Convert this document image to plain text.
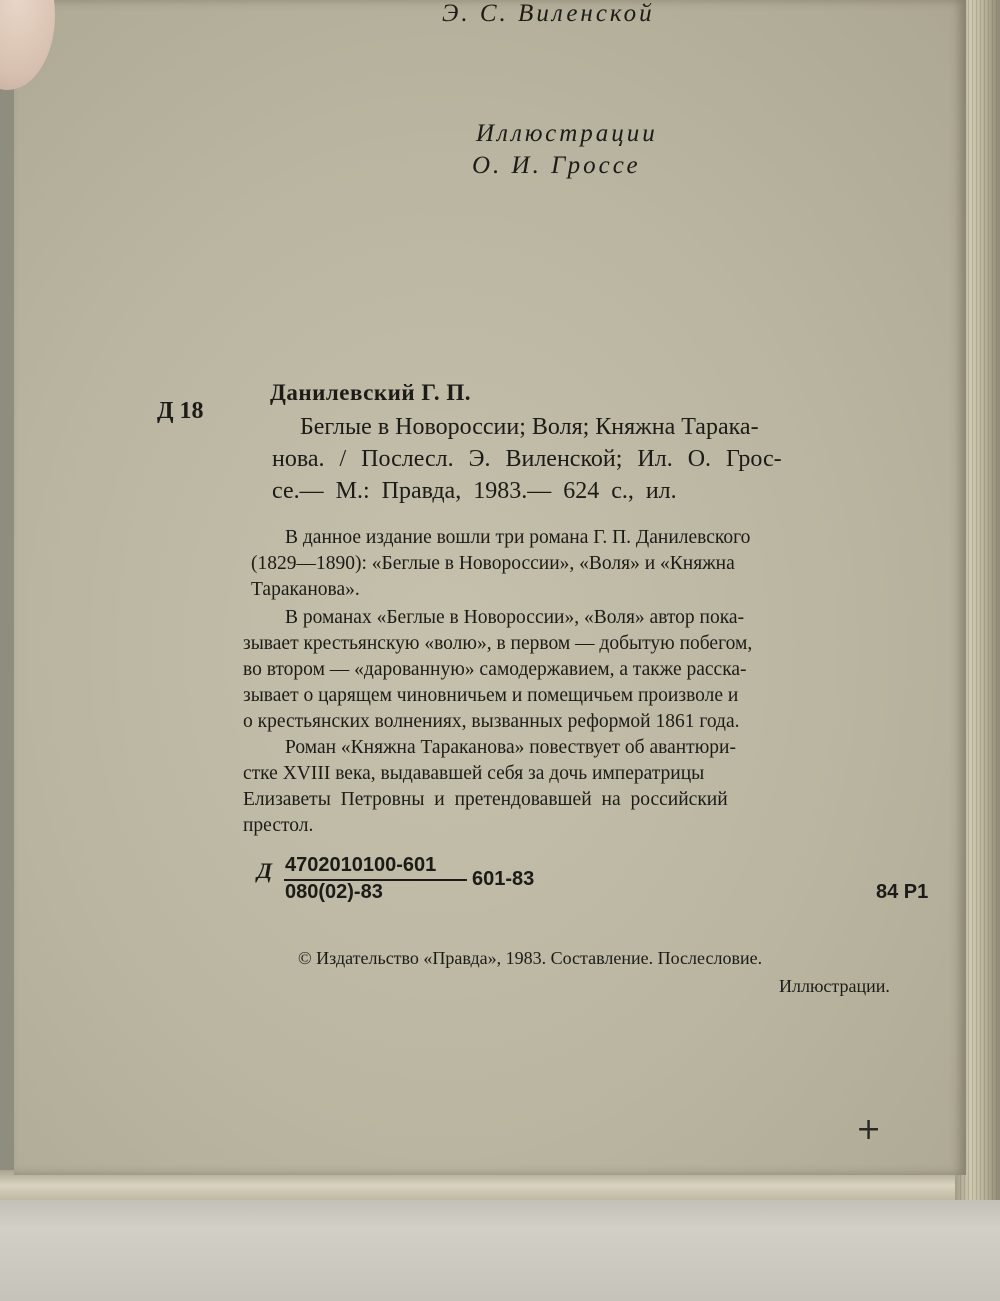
Э. С. Виленской
Иллюстрации
О. И. Гроссе
Д 18
Данилевский Г. П.
Беглые в Новороссии; Воля; Княжна Тарака-
нова. / Послесл. Э. Виленской; Ил. О. Грос-
се.— М.: Правда, 1983.— 624 с., ил.
В данное издание вошли три романа Г. П. Данилевского
(1829—1890): «Беглые в Новороссии», «Воля» и «Княжна
Тараканова».
В романах «Беглые в Новороссии», «Воля» автор пока-
зывает крестьянскую «волю», в первом — добытую побегом,
во втором — «дарованную» самодержавием, а также расска-
зывает о царящем чиновничьем и помещичьем произволе и
о крестьянских волнениях, вызванных реформой 1861 года.
Роман «Княжна Тараканова» повествует об авантюри-
стке XVIII века, выдававшей себя за дочь императрицы
Елизаветы Петровны и претендовавшей на российский
престол.
Д 4702010100-601
080(02)-83
601-83
84 Р1
© Издательство «Правда», 1983. Составление. Послесловие.
Иллюстрации.
+
